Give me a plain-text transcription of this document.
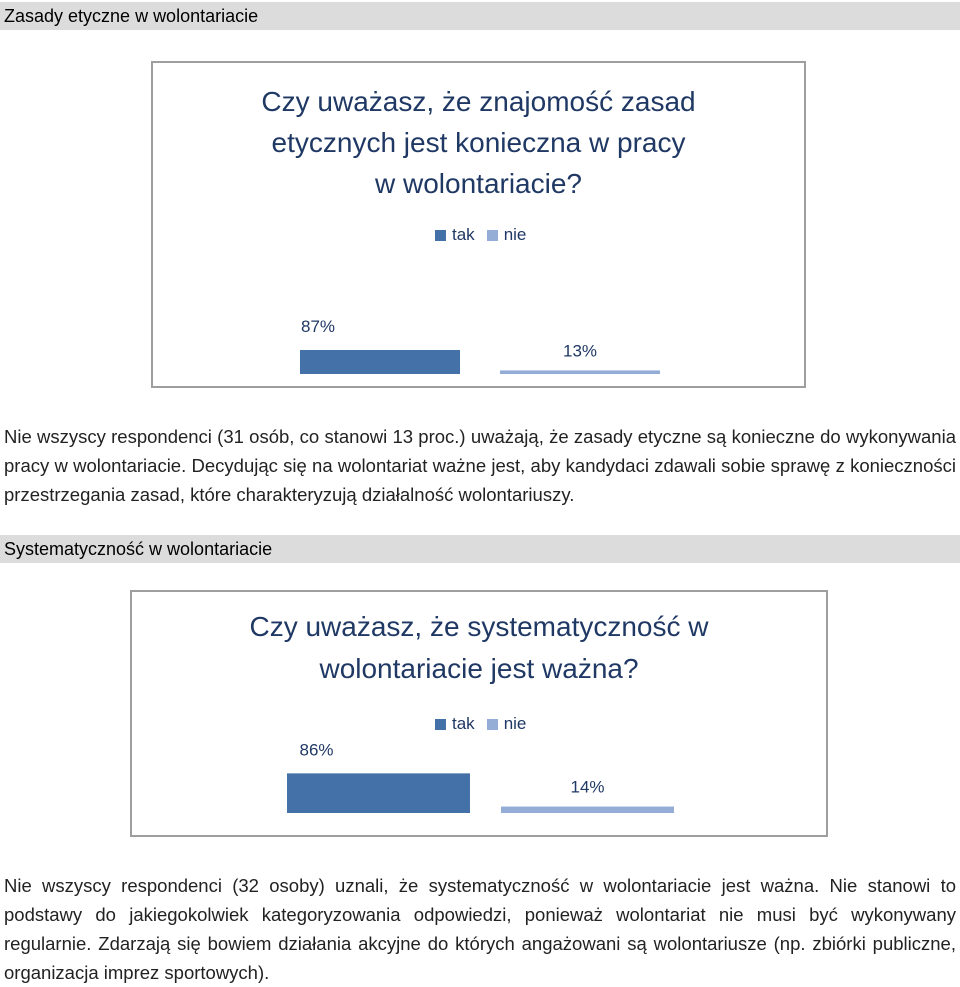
Zasady etyczne w wolontariacie
Czy uważasz, że znajomość zasad
etycznych jest konieczna w pracy
w wolontariacie?
tak nie
87%
13%

Nie wszyscy respondenci (31 osób, co stanowi 13 proc.) uważają, że zasady etyczne są konieczne do wykonywania pracy w wolontariacie. Decydując się na wolontariat ważne jest, aby kandydaci zdawali sobie sprawę z konieczności przestrzegania zasad, które charakteryzują działalność wolontariuszy.

Systematyczność w wolontariacie
Czy uważasz, że systematyczność w
wolontariacie jest ważna?
tak nie
86%
14%

Nie wszyscy respondenci (32 osoby) uznali, że systematyczność w wolontariacie jest ważna. Nie stanowi to podstawy do jakiegokolwiek kategoryzowania odpowiedzi, ponieważ wolontariat nie musi być wykonywany regularnie. Zdarzają się bowiem działania akcyjne do których angażowani są wolontariusze (np. zbiórki publiczne, organizacja imprez sportowych).
